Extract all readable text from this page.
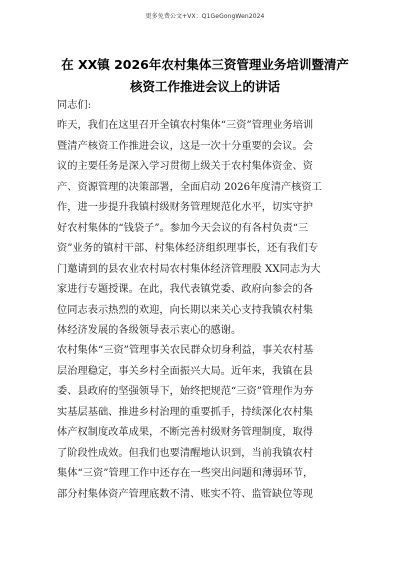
更多免费公文+VX：Q1GeGongWen2024
在 XX镇 2026年农村集体三资管理业务培训暨清产
核资工作推进会议上的讲话
同志们:
昨天，我们在这里召开全镇农村集体“三资”管理业务培训
暨清产核资工作推进会议，这是一次十分重要的会议。会
议的主要任务是深入学习贯彻上级关于农村集体资金、资
产、资源管理的决策部署，全面启动 2026年度清产核资工
作，进一步提升我镇村级财务管理规范化水平，切实守护
好农村集体的“钱袋子”。参加今天会议的有各村负责“三
资”业务的镇村干部、村集体经济组织理事长，还有我们专
门邀请到的县农业农村局农村集体经济管理股 XX同志为大
家进行专题授课。在此，我代表镇党委、政府向参会的各
位同志表示热烈的欢迎，向长期以来关心支持我镇农村集
体经济发展的各级领导表示衷心的感谢。
农村集体“三资”管理事关农民群众切身利益，事关农村基
层治理稳定，事关乡村全面振兴大局。近年来，我镇在县
委、县政府的坚强领导下，始终把规范“三资”管理作为夯
实基层基础、推进乡村治理的重要抓手，持续深化农村集
体产权制度改革成果，不断完善村级财务管理制度，取得
了阶段性成效。但我们也要清醒地认识到，当前我镇农村
集体“三资”管理工作中还存在一些突出问题和薄弱环节，
部分村集体资产管理底数不清、账实不符、监管缺位等现
